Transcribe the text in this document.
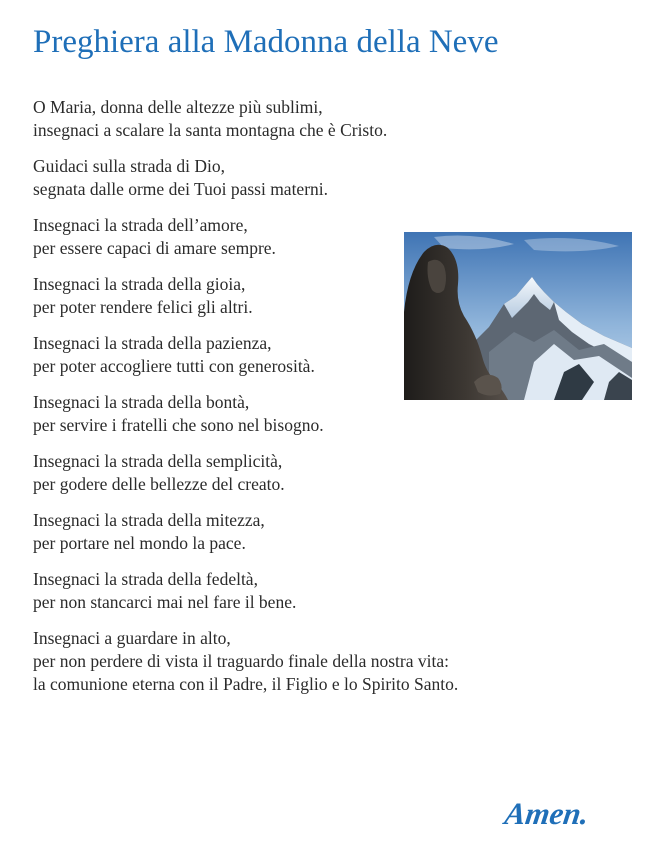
Preghiera alla Madonna della Neve

O Maria, donna delle altezze più sublimi,
insegnaci a scalare la santa montagna che è Cristo.

Guidaci sulla strada di Dio,
segnata dalle orme dei Tuoi passi materni.

Insegnaci la strada dell’amore,
per essere capaci di amare sempre.

Insegnaci la strada della gioia,
per poter rendere felici gli altri.

Insegnaci la strada della pazienza,
per poter accogliere tutti con generosità.

Insegnaci la strada della bontà,
per servire i fratelli che sono nel bisogno.

Insegnaci la strada della semplicità,
per godere delle bellezze del creato.

Insegnaci la strada della mitezza,
per portare nel mondo la pace.

Insegnaci la strada della fedeltà,
per non stancarci mai nel fare il bene.

Insegnaci a guardare in alto,
per non perdere di vista il traguardo finale della nostra vita:
la comunione eterna con il Padre, il Figlio e lo Spirito Santo.

Amen.
